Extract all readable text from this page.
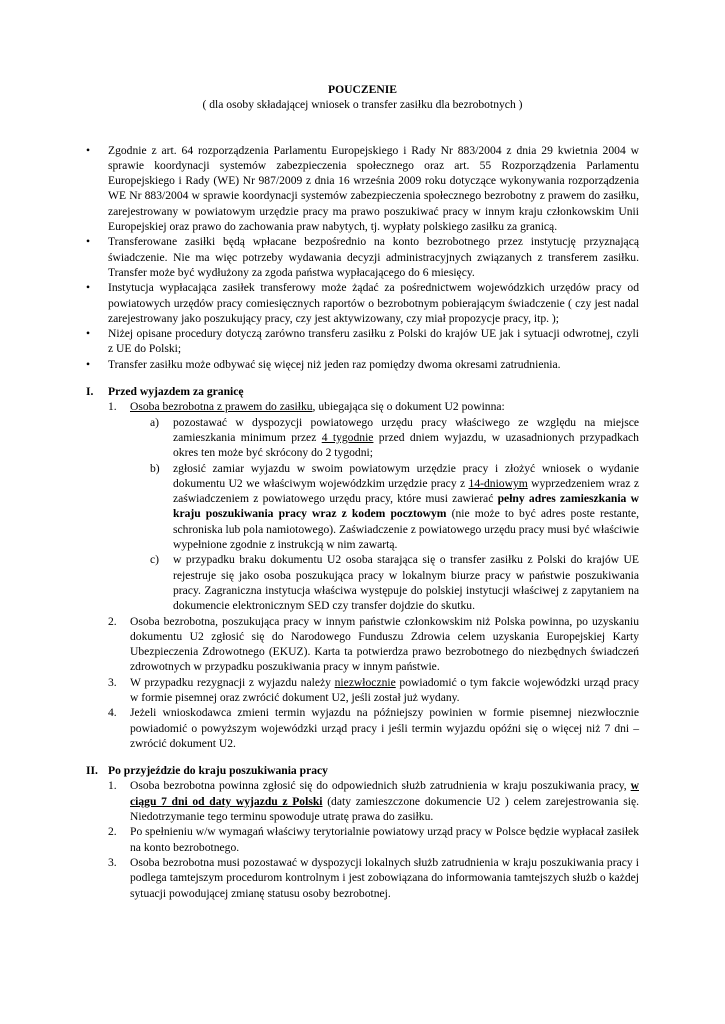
POUCZENIE

( dla osoby składającej wniosek o transfer zasiłku dla bezrobotnych )

• Zgodnie z art. 64 rozporządzenia Parlamentu Europejskiego i Rady Nr 883/2004 z dnia 29 kwietnia 2004 w sprawie koordynacji systemów zabezpieczenia społecznego oraz art. 55 Rozporządzenia Parlamentu Europejskiego i Rady (WE) Nr 987/2009 z dnia 16 września 2009 roku dotyczące wykonywania rozporządzenia WE Nr 883/2004 w sprawie koordynacji systemów zabezpieczenia społecznego bezrobotny z prawem do zasiłku, zarejestrowany w powiatowym urzędzie pracy ma prawo poszukiwać pracy w innym kraju członkowskim Unii Europejskiej oraz prawo do zachowania praw nabytych, tj. wypłaty polskiego zasiłku za granicą.

• Transferowane zasiłki będą wpłacane bezpośrednio na konto bezrobotnego przez instytucję przyznającą świadczenie. Nie ma więc potrzeby wydawania decyzji administracyjnych związanych z transferem zasiłku. Transfer może być wydłużony za zgoda państwa wypłacającego do 6 miesięcy.

• Instytucja wypłacająca zasiłek transferowy może żądać za pośrednictwem wojewódzkich urzędów pracy od powiatowych urzędów pracy comiesięcznych raportów o bezrobotnym pobierającym świadczenie ( czy jest nadal zarejestrowany jako poszukujący pracy, czy jest aktywizowany, czy miał propozycje pracy, itp. );

• Niżej opisane procedury dotyczą zarówno transferu zasiłku z Polski do krajów UE jak i sytuacji odwrotnej, czyli z UE do Polski;

• Transfer zasiłku może odbywać się więcej niż jeden raz pomiędzy dwoma okresami zatrudnienia.

I. Przed wyjazdem za granicę

1. Osoba bezrobotna z prawem do zasiłku, ubiegająca się o dokument U2 powinna:

a) pozostawać w dyspozycji powiatowego urzędu pracy właściwego ze względu na miejsce zamieszkania minimum przez 4 tygodnie przed dniem wyjazdu, w uzasadnionych przypadkach okres ten może być skrócony do 2 tygodni;

b) zgłosić zamiar wyjazdu w swoim powiatowym urzędzie pracy i złożyć wniosek o wydanie dokumentu U2 we właściwym wojewódzkim urzędzie pracy z 14-dniowym wyprzedzeniem wraz z zaświadczeniem z powiatowego urzędu pracy, które musi zawierać pełny adres zamieszkania w kraju poszukiwania pracy wraz z kodem pocztowym (nie może to być adres poste restante, schroniska lub pola namiotowego). Zaświadczenie z powiatowego urzędu pracy musi być właściwie wypełnione zgodnie z instrukcją w nim zawartą.

c) w przypadku braku dokumentu U2 osoba starająca się o transfer zasiłku z Polski do krajów UE rejestruje się jako osoba poszukująca pracy w lokalnym biurze pracy w państwie poszukiwania pracy. Zagraniczna instytucja właściwa występuje do polskiej instytucji właściwej z zapytaniem na dokumencie elektronicznym SED czy transfer dojdzie do skutku.

2. Osoba bezrobotna, poszukująca pracy w innym państwie członkowskim niż Polska powinna, po uzyskaniu dokumentu U2 zgłosić się do Narodowego Funduszu Zdrowia celem uzyskania Europejskiej Karty Ubezpieczenia Zdrowotnego (EKUZ). Karta ta potwierdza prawo bezrobotnego do niezbędnych świadczeń zdrowotnych w przypadku poszukiwania pracy w innym państwie.

3. W przypadku rezygnacji z wyjazdu należy niezwłocznie powiadomić o tym fakcie wojewódzki urząd pracy w formie pisemnej oraz zwrócić dokument U2, jeśli został już wydany.

4. Jeżeli wnioskodawca zmieni termin wyjazdu na późniejszy powinien w formie pisemnej niezwłocznie powiadomić o powyższym wojewódzki urząd pracy i jeśli termin wyjazdu opóźni się o więcej niż 7 dni – zwrócić dokument U2.

II. Po przyjeździe do kraju poszukiwania pracy

1. Osoba bezrobotna powinna zgłosić się do odpowiednich służb zatrudnienia w kraju poszukiwania pracy, w ciągu 7 dni od daty wyjazdu z Polski (daty zamieszczone dokumencie U2 ) celem zarejestrowania się. Niedotrzymanie tego terminu spowoduje utratę prawa do zasiłku.

2. Po spełnieniu w/w wymagań właściwy terytorialnie powiatowy urząd pracy w Polsce będzie wypłacał zasiłek na konto bezrobotnego.

3. Osoba bezrobotna musi pozostawać w dyspozycji lokalnych służb zatrudnienia w kraju poszukiwania pracy i podlega tamtejszym procedurom kontrolnym i jest zobowiązana do informowania tamtejszych służb o każdej sytuacji powodującej zmianę statusu osoby bezrobotnej.
